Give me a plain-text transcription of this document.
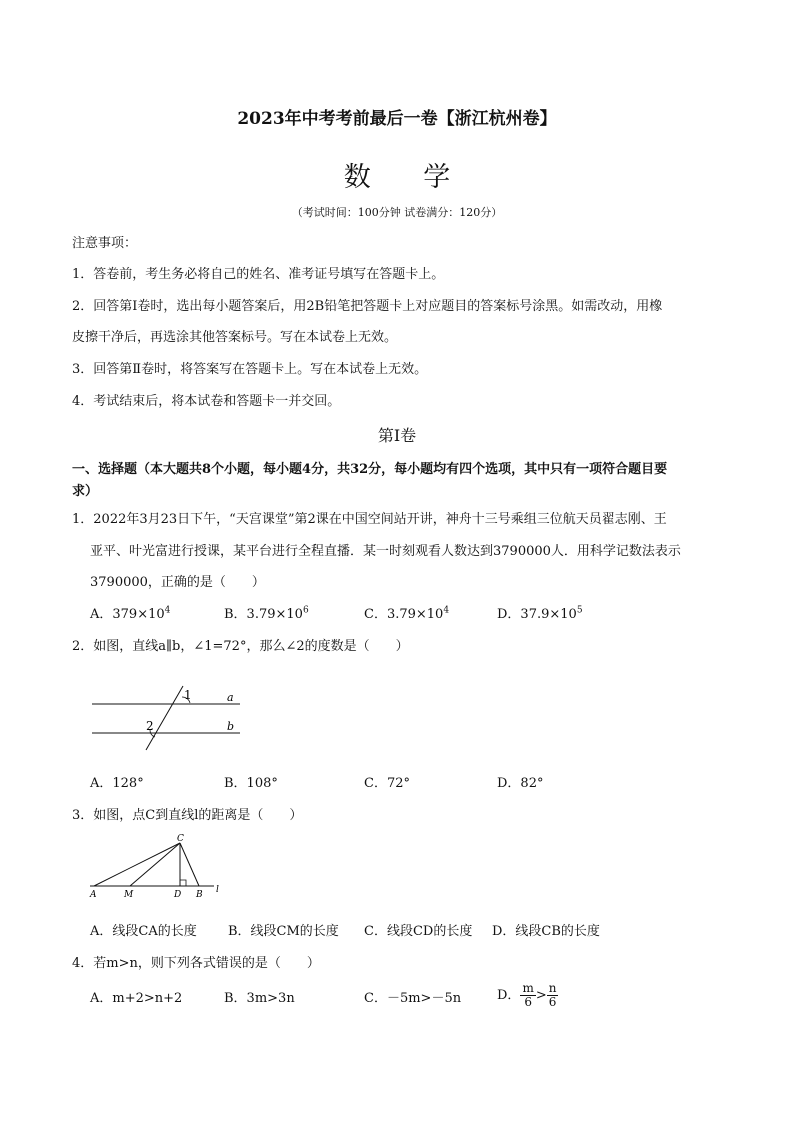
2023年中考考前最后一卷【浙江杭州卷】
数 学
（考试时间：100分钟 试卷满分：120分）
注意事项：
1．答卷前，考生务必将自己的姓名、准考证号填写在答题卡上。
2．回答第Ⅰ卷时，选出每小题答案后，用2B铅笔把答题卡上对应题目的答案标号涂黑。如需改动，用橡
皮擦干净后，再选涂其他答案标号。写在本试卷上无效。
3．回答第Ⅱ卷时，将答案写在答题卡上。写在本试卷上无效。
4．考试结束后，将本试卷和答题卡一并交回。
第Ⅰ卷
一、选择题（本大题共8个小题，每小题4分，共32分，每小题均有四个选项，其中只有一项符合题目要
求）
1．2022年3月23日下午，“天宫课堂”第2课在中国空间站开讲，神舟十三号乘组三位航天员翟志刚、王
亚平、叶光富进行授课，某平台进行全程直播．某一时刻观看人数达到3790000人．用科学记数法表示
3790000，正确的是（　　）
A．$379\times 10^4$	B．$3.79\times 10^6$	C．$3.79\times 10^4$	D．$37.9\times 10^5$
2．如图，直线a∥b，∠1=72°，那么∠2的度数是（　　）
1
2
a
b
A．128°	B．108°	C．72°	D．82°
3．如图，点C到直线l的距离是（　　）
C
A	M	D B l
A．线段CA的长度 B．线段CM的长度 C．线段CD的长度 D．线段CB的长度
4．若m>n，则下列各式错误的是（　　）
A．m+2>n+2	B．3m>3n	C．－5m>－5n	D． $\frac{m}{6} > \frac{n}{6}$
